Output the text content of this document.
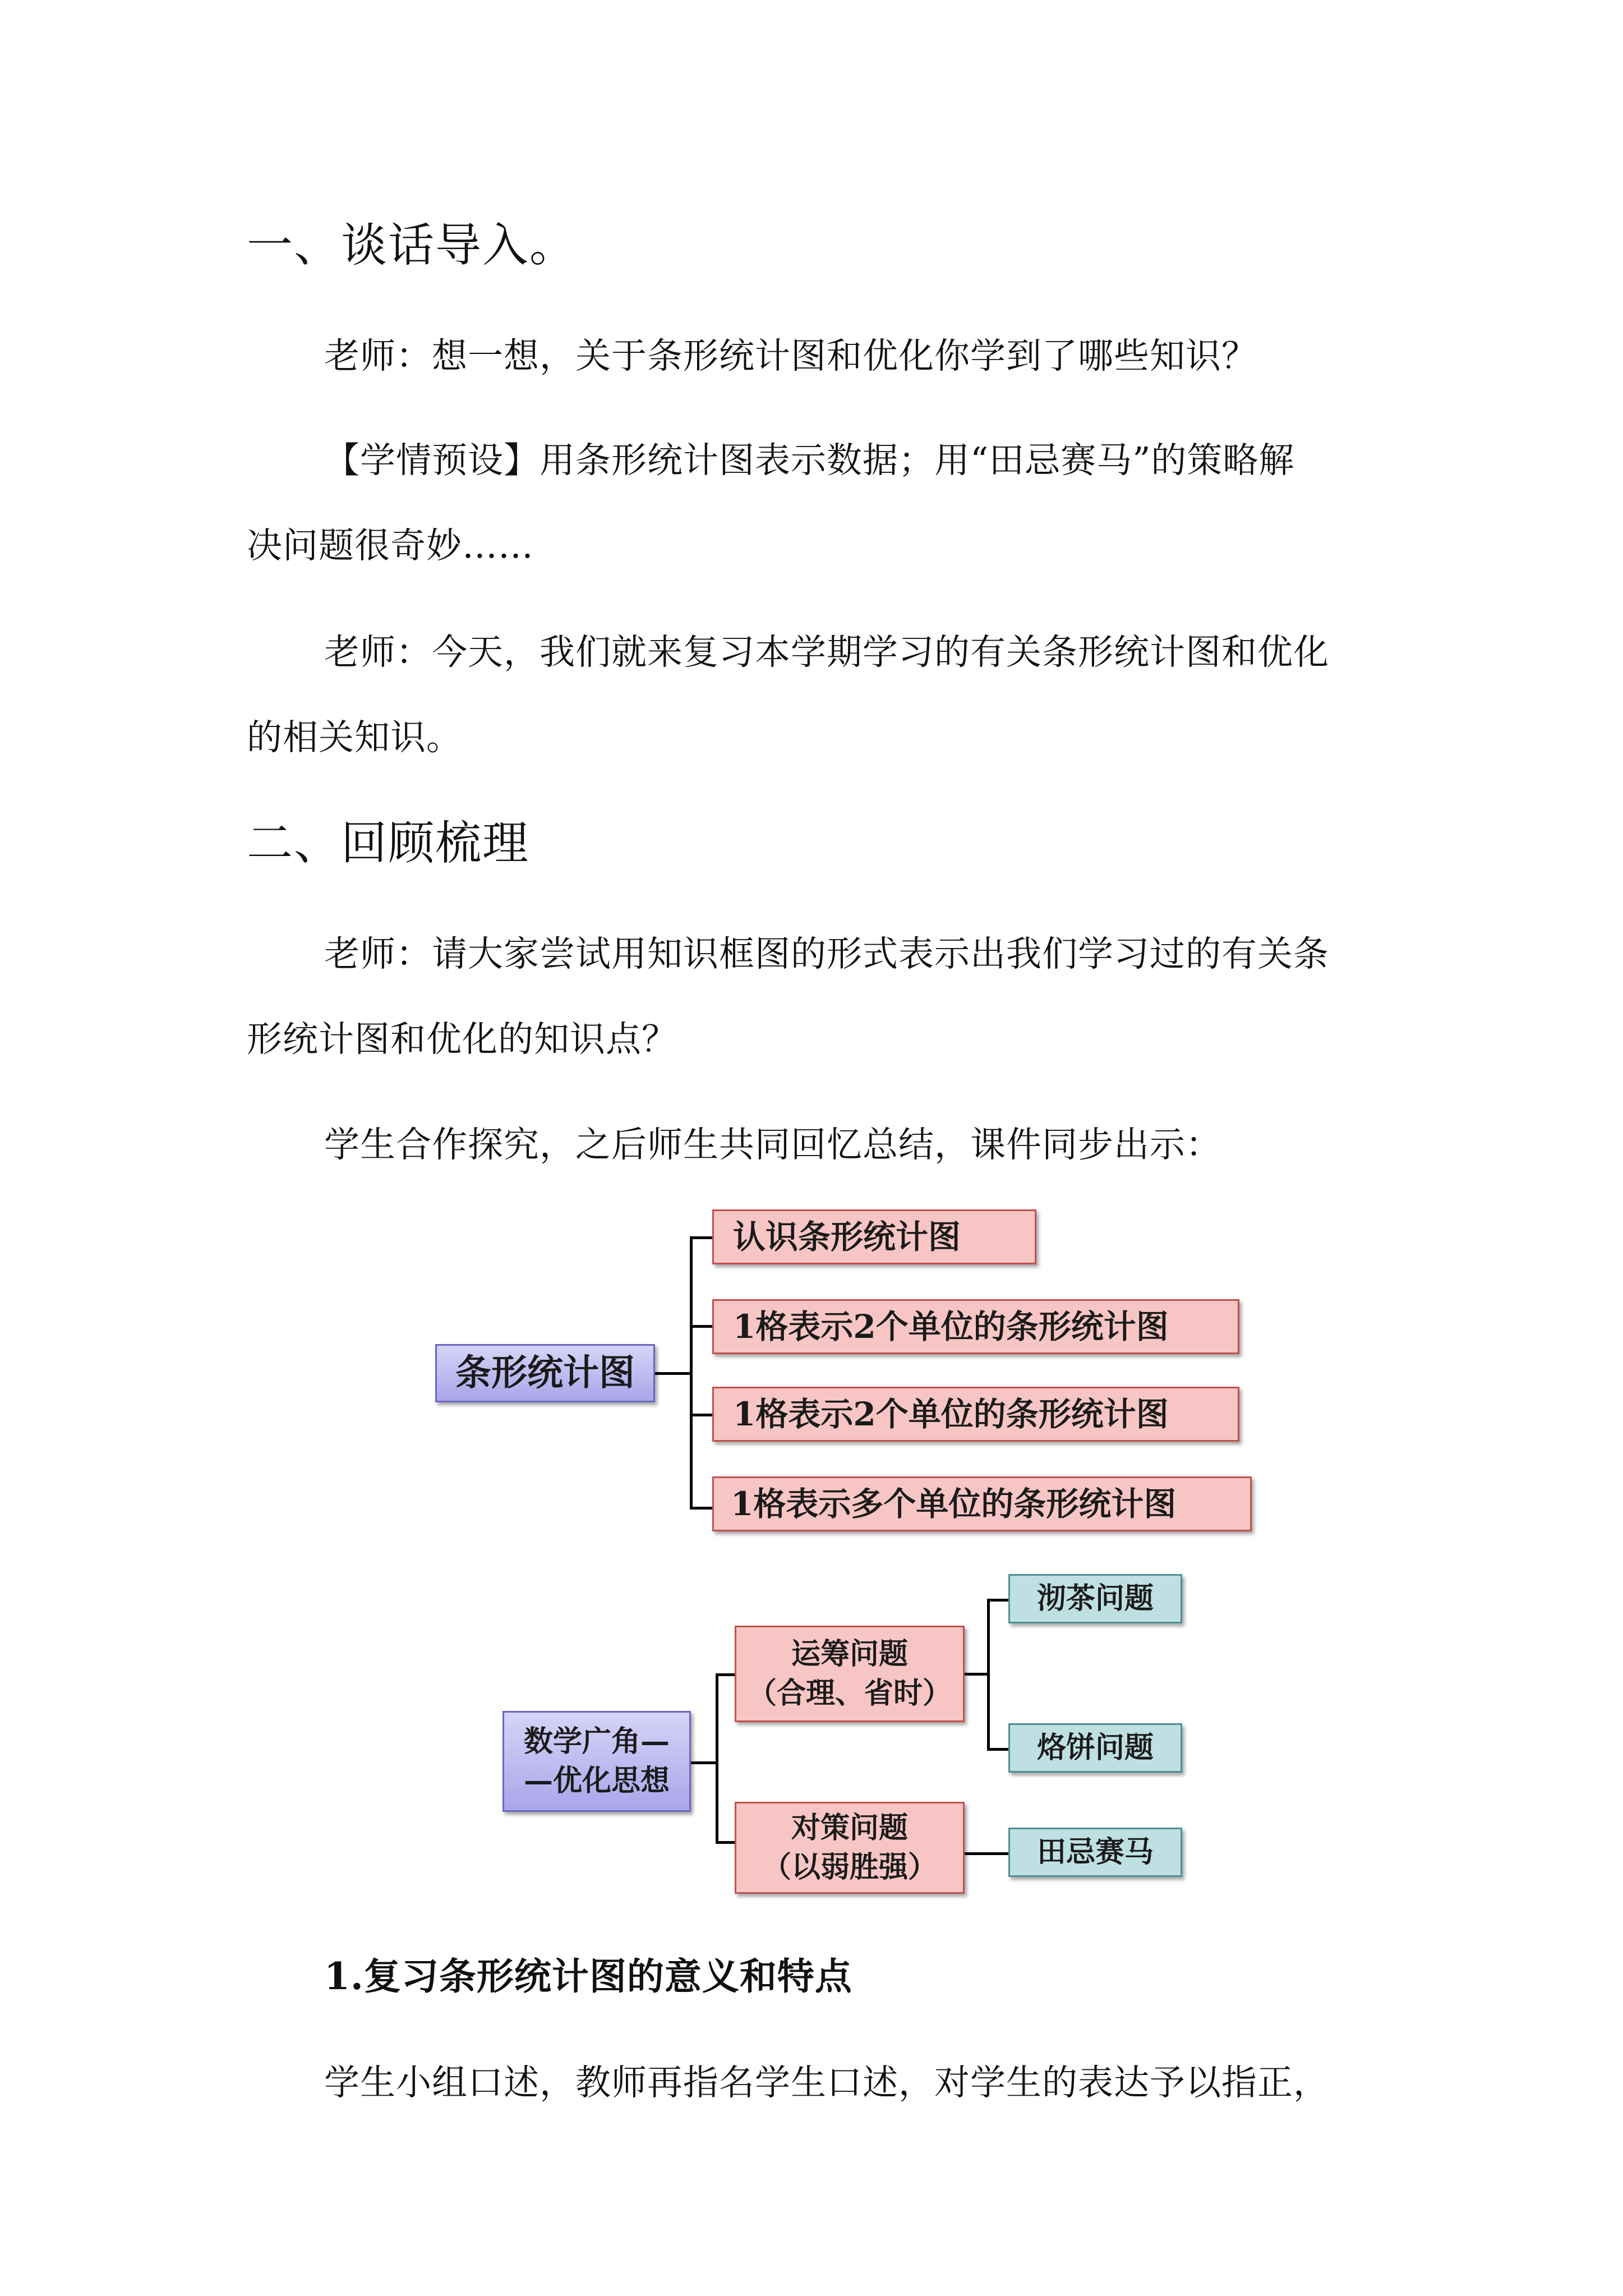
一、谈话导入。
老师：想一想，关于条形统计图和优化你学到了哪些知识？
【学情预设】用条形统计图表示数据；用“田忌赛马”的策略解
决问题很奇妙……
老师：今天，我们就来复习本学期学习的有关条形统计图和优化
的相关知识。
二、回顾梳理
老师：请大家尝试用知识框图的形式表示出我们学习过的有关条
形统计图和优化的知识点？
学生合作探究，之后师生共同回忆总结，课件同步出示：
条形统计图
认识条形统计图
1格表示2个单位的条形统计图
1格表示2个单位的条形统计图
1格表示多个单位的条形统计图
数学广角—
—优化思想
运筹问题
（合理、省时）
对策问题
（以弱胜强）
沏茶问题
烙饼问题
田忌赛马
1.复习条形统计图的意义和特点
学生小组口述，教师再指名学生口述，对学生的表达予以指正，
